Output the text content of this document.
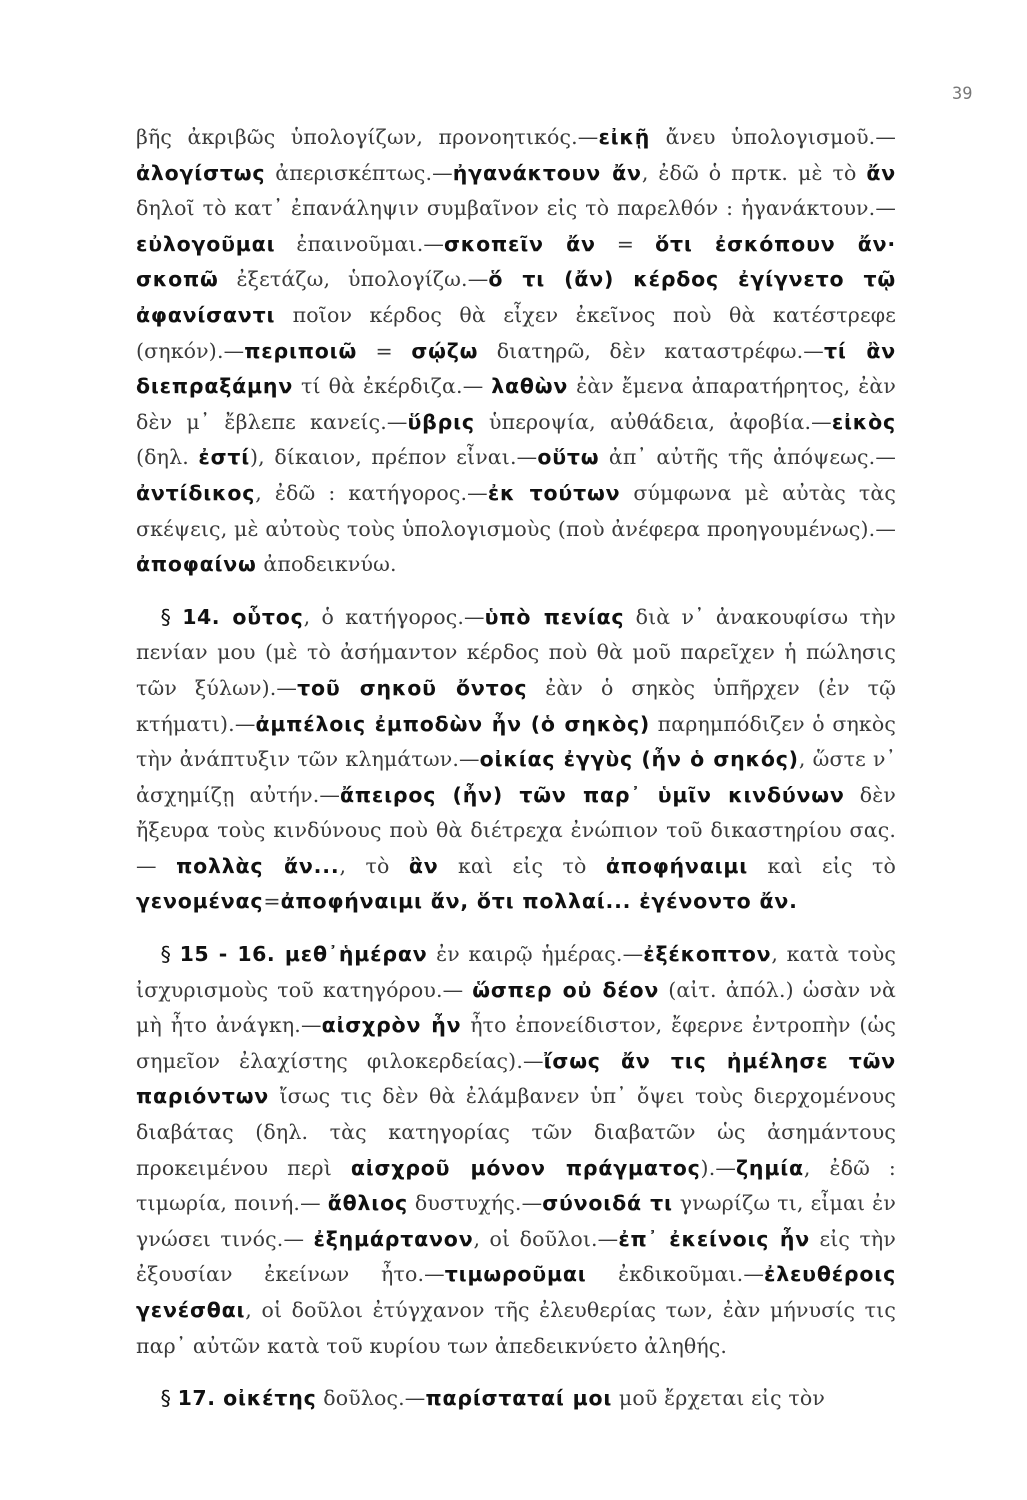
39

βῆς ἀκριβῶς ὑπολογίζων, προνοητικός.—εἰκῇ ἄνευ ὑπολογισμοῦ.— ἀλογίστως ἀπερισκέπτως.—ἠγανάκτουν ἄν, ἐδῶ ὁ πρτκ. μὲ τὸ ἄν δηλοῖ τὸ κατ᾽ ἐπανάληψιν συμβαῖνον εἰς τὸ παρελθόν : ἠγανάκτουν.— εὐλογοῦμαι ἐπαινοῦμαι.—σκοπεῖν ἄν = ὅτι ἐσκόπουν ἄν· σκοπῶ ἐξετάζω, ὑπολογίζω.—ὅ τι (ἄν) κέρδος ἐγίγνετο τῷ ἀφανίσαντι ποῖον κέρδος θὰ εἶχεν ἐκεῖνος ποὺ θὰ κατέστρεφε (σηκόν).—περιποιῶ = σῴζω διατηρῶ, δὲν καταστρέφω.—τί ἂν διεπραξάμην τί θὰ ἐκέρδιζα.— λαθὼν ἐὰν ἔμενα ἀπαρατήρητος, ἐὰν δὲν μ᾽ ἔβλεπε κανείς.—ὕβρις ὑπεροψία, αὐθάδεια, ἀφοβία.—εἰκὸς (δηλ. ἐστί), δίκαιον, πρέπον εἶναι.—οὕτω ἀπ᾽ αὐτῆς τῆς ἀπόψεως.—ἀντίδικος, ἐδῶ : κατήγορος.—ἐκ τούτων σύμφωνα μὲ αὐτὰς τὰς σκέψεις, μὲ αὐτοὺς τοὺς ὑπολογισμοὺς (ποὺ ἀνέφερα προηγουμένως).—ἀποφαίνω ἀποδεικνύω.

§ 14. οὗτος, ὁ κατήγορος.—ὑπὸ πενίας διὰ ν᾽ ἀνακουφίσω τὴν πενίαν μου (μὲ τὸ ἀσήμαντον κέρδος ποὺ θὰ μοῦ παρεῖχεν ἡ πώλησις τῶν ξύλων).—τοῦ σηκοῦ ὄντος ἐὰν ὁ σηκὸς ὑπῆρχεν (ἐν τῷ κτήματι).—ἀμπέλοις ἐμποδὼν ἦν (ὁ σηκὸς) παρημπόδιζεν ὁ σηκὸς τὴν ἀνάπτυξιν τῶν κλημάτων.—οἰκίας ἐγγὺς (ἦν ὁ σηκός), ὥστε ν᾽ ἀσχημίζῃ αὐτήν.—ἄπειρος (ἦν) τῶν παρ᾽ ὑμῖν κινδύνων δὲν ἤξευρα τοὺς κινδύνους ποὺ θὰ διέτρεχα ἐνώπιον τοῦ δικαστηρίου σας.— πολλὰς ἄν..., τὸ ἂν καὶ εἰς τὸ ἀποφήναιμι καὶ εἰς τὸ γενομένας=ἀποφήναιμι ἄν, ὅτι πολλαί... ἐγένοντο ἄν.

§ 15 - 16. μεθ᾽ἡμέραν ἐν καιρῷ ἡμέρας.—ἐξέκοπτον, κατὰ τοὺς ἰσχυρισμοὺς τοῦ κατηγόρου.— ὥσπερ οὐ δέον (αἰτ. ἀπόλ.) ὡσὰν νὰ μὴ ἦτο ἀνάγκη.—αἰσχρὸν ἦν ἦτο ἐπονείδιστον, ἔφερνε ἐντροπὴν (ὡς σημεῖον ἐλαχίστης φιλοκερδείας).—ἴσως ἄν τις ἠμέλησε τῶν παριόντων ἴσως τις δὲν θὰ ἐλάμβανεν ὑπ᾽ ὄψει τοὺς διερχομένους διαβάτας (δηλ. τὰς κατηγορίας τῶν διαβατῶν ὡς ἀσημάντους προκειμένου περὶ αἰσχροῦ μόνον πράγματος).—ζημία, ἐδῶ : τιμωρία, ποινή.— ἄθλιος δυστυχής.—σύνοιδά τι γνωρίζω τι, εἶμαι ἐν γνώσει τινός.— ἐξημάρτανον, οἱ δοῦλοι.—ἐπ᾽ ἐκείνοις ἦν εἰς τὴν ἐξουσίαν ἐκείνων ἦτο.—τιμωροῦμαι ἐκδικοῦμαι.—ἐλευθέροις γενέσθαι, οἱ δοῦλοι ἐτύγχανον τῆς ἐλευθερίας των, ἐὰν μήνυσίς τις παρ᾽ αὐτῶν κατὰ τοῦ κυρίου των ἀπεδεικνύετο ἀληθής.

§ 17. οἰκέτης δοῦλος.—παρίσταταί μοι μοῦ ἔρχεται εἰς τὸν
